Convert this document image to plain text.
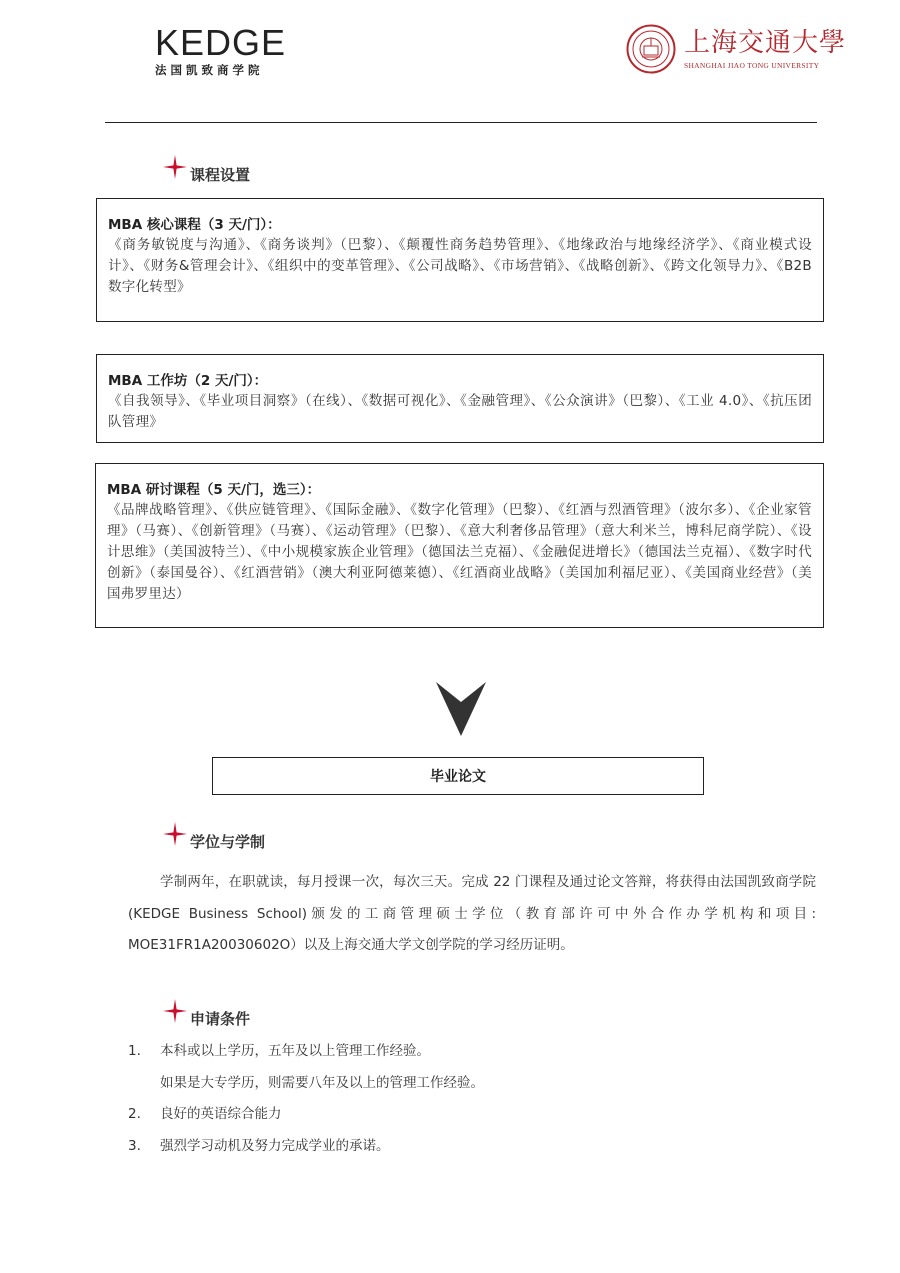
KEDGE
法国凯致商学院
上海交通大學
SHANGHAI JIAO TONG UNIVERSITY
课程设置
MBA 核心课程（3 天/门）：
《商务敏锐度与沟通》、《商务谈判》（巴黎）、《颠覆性商务趋势管理》、《地缘政治与地缘经济学》、《商业模式设计》、《财务&管理会计》、《组织中的变革管理》、《公司战略》、《市场营销》、《战略创新》、《跨文化领导力》、《B2B 数字化转型》
MBA 工作坊（2 天/门）：
《自我领导》、《毕业项目洞察》（在线）、《数据可视化》、《金融管理》、《公众演讲》（巴黎）、《工业 4.0》、《抗压团队管理》
MBA 研讨课程（5 天/门，选三）：
《品牌战略管理》、《供应链管理》、《国际金融》、《数字化管理》（巴黎）、《红酒与烈酒管理》（波尔多）、《企业家管理》（马赛）、《创新管理》（马赛）、《运动管理》（巴黎）、《意大利奢侈品管理》（意大利米兰，博科尼商学院）、《设计思维》（美国波特兰）、《中小规模家族企业管理》（德国法兰克福）、《金融促进增长》（德国法兰克福）、《数字时代创新》（泰国曼谷）、《红酒营销》（澳大利亚阿德莱德）、《红酒商业战略》（美国加利福尼亚）、《美国商业经营》（美国弗罗里达）
毕业论文
学位与学制
学制两年，在职就读，每月授课一次，每次三天。完成 22 门课程及通过论文答辩，将获得由法国凯致商学院(KEDGE Business School)颁发的工商管理硕士学位（教育部许可中外合作办学机构和项目: MOE31FR1A20030602O）以及上海交通大学文创学院的学习经历证明。
申请条件
1.	本科或以上学历，五年及以上管理工作经验。
如果是大专学历，则需要八年及以上的管理工作经验。
2.	良好的英语综合能力
3.	强烈学习动机及努力完成学业的承诺。
